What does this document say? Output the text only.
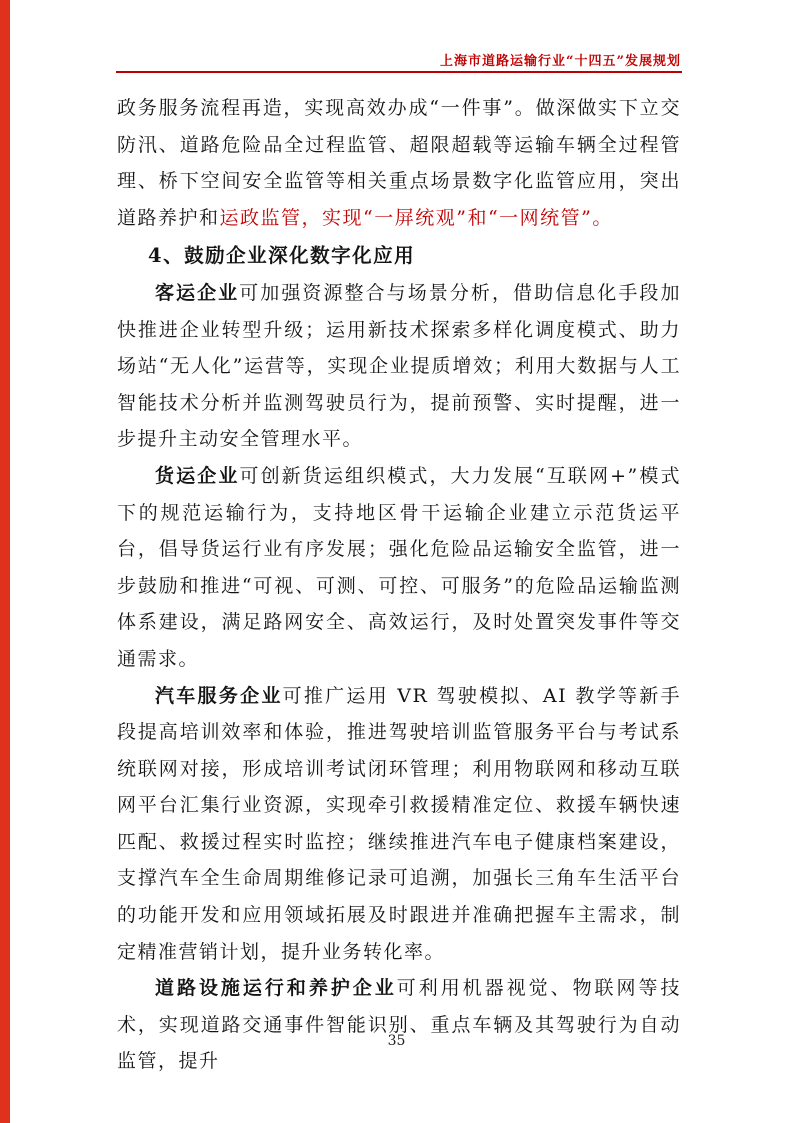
上海市道路运输行业“十四五”发展规划
政务服务流程再造，实现高效办成“一件事”。做深做实下立交防汛、道路危险品全过程监管、超限超载等运输车辆全过程管理、桥下空间安全监管等相关重点场景数字化监管应用，突出道路养护和运政监管，实现“一屏统观”和“一网统管”。
4、鼓励企业深化数字化应用
客运企业可加强资源整合与场景分析，借助信息化手段加快推进企业转型升级；运用新技术探索多样化调度模式、助力场站“无人化”运营等，实现企业提质增效；利用大数据与人工智能技术分析并监测驾驶员行为，提前预警、实时提醒，进一步提升主动安全管理水平。
货运企业可创新货运组织模式，大力发展“互联网+”模式下的规范运输行为，支持地区骨干运输企业建立示范货运平台，倡导货运行业有序发展；强化危险品运输安全监管，进一步鼓励和推进“可视、可测、可控、可服务”的危险品运输监测体系建设，满足路网安全、高效运行，及时处置突发事件等交通需求。
汽车服务企业可推广运用 VR 驾驶模拟、AI 教学等新手段提高培训效率和体验，推进驾驶培训监管服务平台与考试系统联网对接，形成培训考试闭环管理；利用物联网和移动互联网平台汇集行业资源，实现牵引救援精准定位、救援车辆快速匹配、救援过程实时监控；继续推进汽车电子健康档案建设，支撑汽车全生命周期维修记录可追溯，加强长三角车生活平台的功能开发和应用领域拓展及时跟进并准确把握车主需求，制定精准营销计划，提升业务转化率。
道路设施运行和养护企业可利用机器视觉、物联网等技术，实现道路交通事件智能识别、重点车辆及其驾驶行为自动监管，提升
35
